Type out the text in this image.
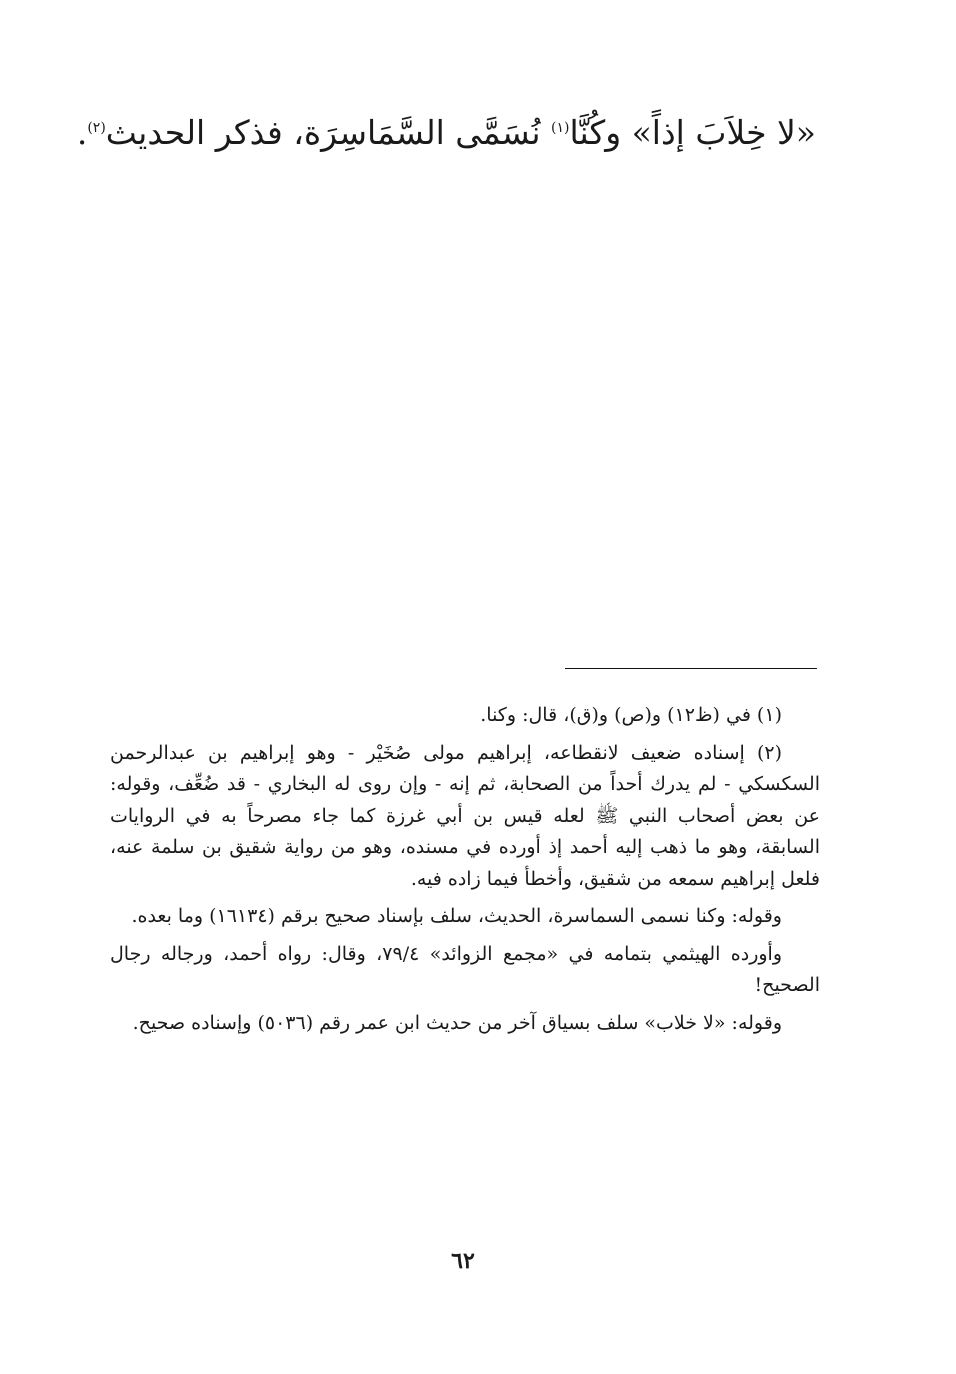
«لا خِلاَبَ إذاً» وكُنَّا$^{(١)}$ نُسَمَّى السَّمَاسِرَة، فذكر الحديث$^{(٢)}$.

(١) في (ظ١٢) و(ص) و(ق)، قال: وكنا.

(٢) إسناده ضعيف لانقطاعه، إبراهيم مولى صُخَيْر - وهو إبراهيم بن عبدالرحمن السكسكي - لم يدرك أحداً من الصحابة، ثم إنه - وإن روى له البخاري - قد ضُعِّف، وقوله: عن بعض أصحاب النبي ﷺ لعله قيس بن أبي غرزة كما جاء مصرحاً به في الروايات السابقة، وهو ما ذهب إليه أحمد إذ أورده في مسنده، وهو من رواية شقيق بن سلمة عنه، فلعل إبراهيم سمعه من شقيق، وأخطأ فيما زاده فيه.

وقوله: وكنا نسمى السماسرة، الحديث، سلف بإسناد صحيح برقم (١٦١٣٤) وما بعده.

وأورده الهيثمي بتمامه في «مجمع الزوائد» ٧٩/٤، وقال: رواه أحمد، ورجاله رجال الصحيح!

وقوله: «لا خلاب» سلف بسياق آخر من حديث ابن عمر رقم (٥٠٣٦) وإسناده صحيح.

٦٢
